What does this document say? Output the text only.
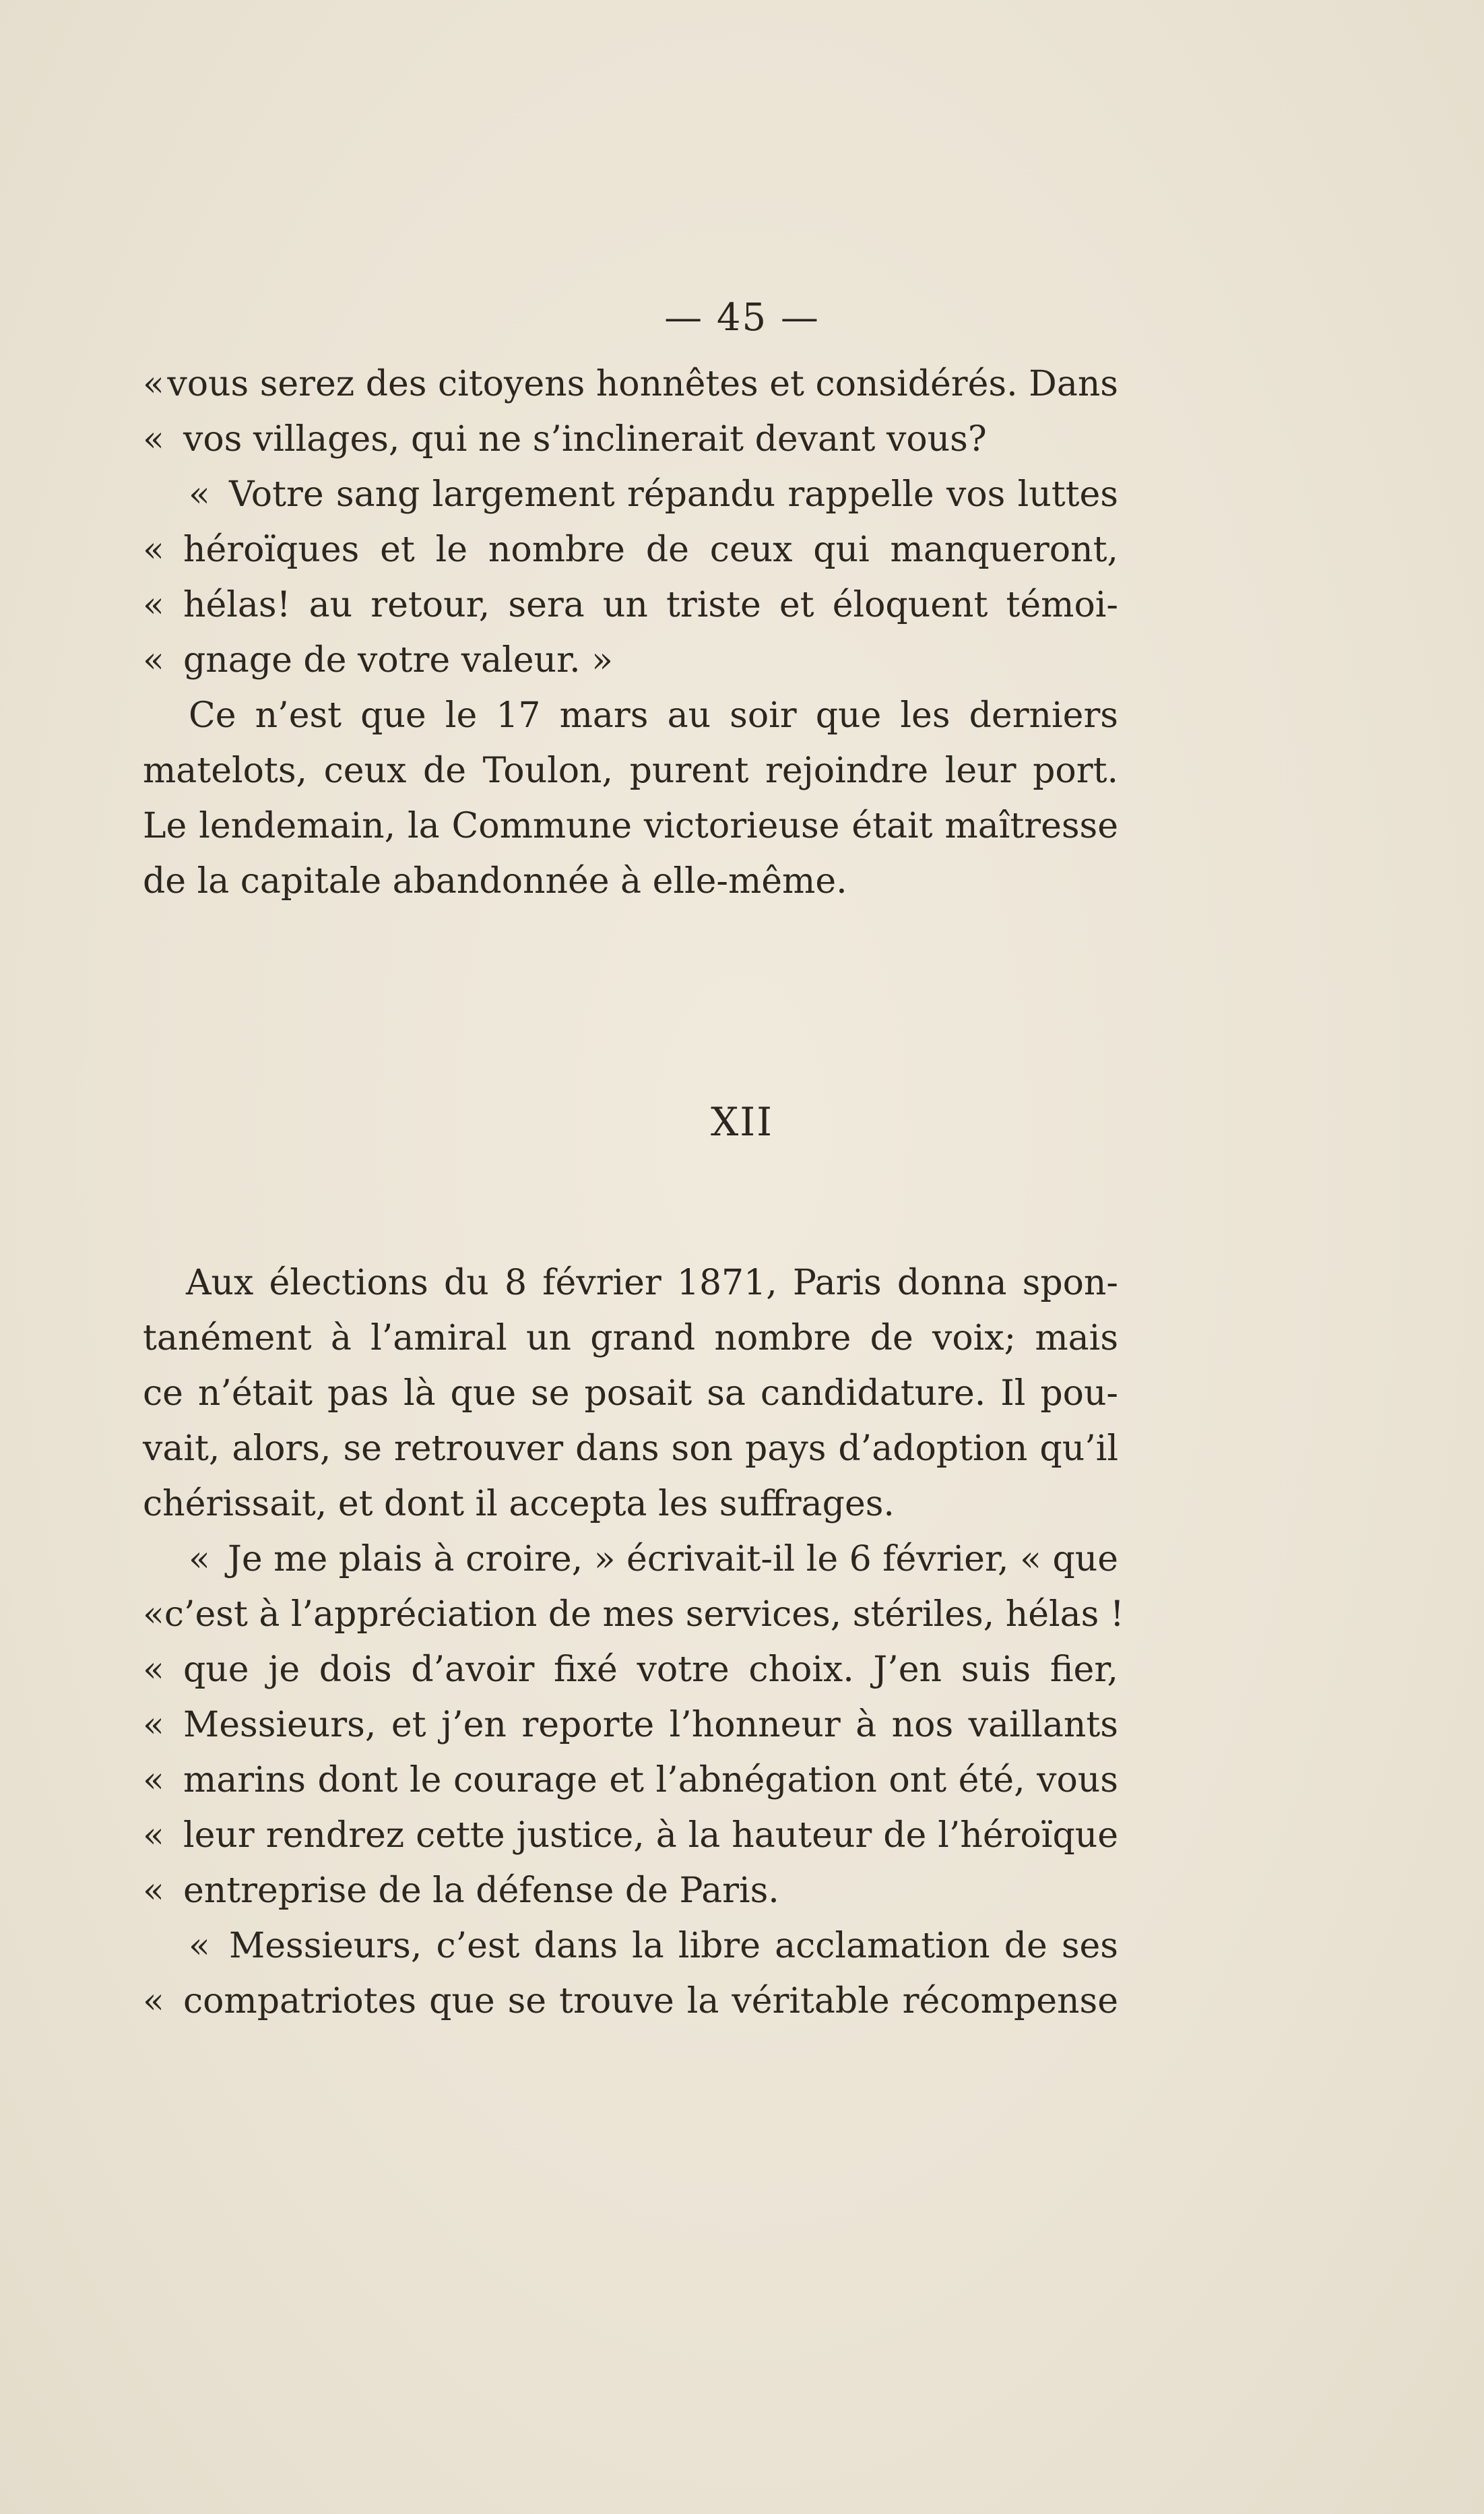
— 45 —
« vous serez des citoyens honnêtes et considérés. Dans
« vos villages, qui ne s’inclinerait devant vous?
« Votre sang largement répandu rappelle vos luttes
« héroïques et le nombre de ceux qui manqueront,
« hélas! au retour, sera un triste et éloquent témoi-
« gnage de votre valeur. »
Ce n’est que le 17 mars au soir que les derniers
matelots, ceux de Toulon, purent rejoindre leur port.
Le lendemain, la Commune victorieuse était maîtresse
de la capitale abandonnée à elle-même.
XII
Aux élections du 8 février 1871, Paris donna spon-
tanément à l’amiral un grand nombre de voix; mais
ce n’était pas là que se posait sa candidature. Il pou-
vait, alors, se retrouver dans son pays d’adoption qu’il
chérissait, et dont il accepta les suffrages.
« Je me plais à croire, » écrivait-il le 6 février, « que
« c’est à l’appréciation de mes services, stériles, hélas !
« que je dois d’avoir fixé votre choix. J’en suis fier,
« Messieurs, et j’en reporte l’honneur à nos vaillants
« marins dont le courage et l’abnégation ont été, vous
« leur rendrez cette justice, à la hauteur de l’héroïque
« entreprise de la défense de Paris.
« Messieurs, c’est dans la libre acclamation de ses
« compatriotes que se trouve la véritable récompense
